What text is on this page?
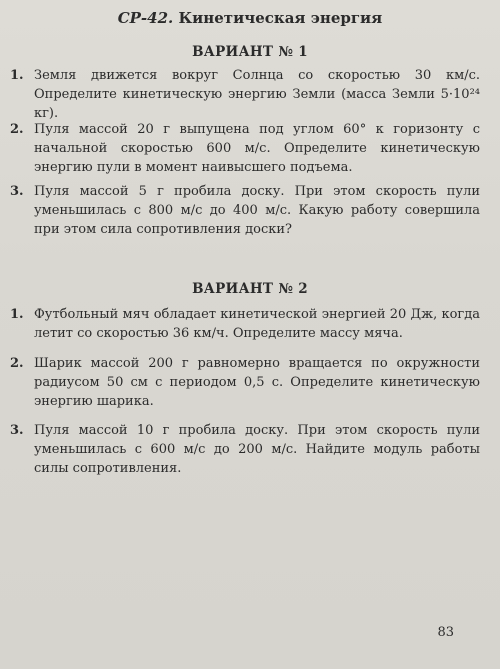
СР-42. Кинетическая энергия
ВАРИАНТ № 1
1. Земля движется вокруг Солнца со скоростью 30 км/с. Определите кинетическую энергию Земли (масса Земли 5·10²⁴ кг).
2. Пуля массой 20 г выпущена под углом 60° к горизонту с начальной скоростью 600 м/с. Определите кинетическую энергию пули в момент наивысшего подъема.
3. Пуля массой 5 г пробила доску. При этом скорость пули уменьшилась с 800 м/с до 400 м/с. Какую работу совершила при этом сила сопротивления доски?
ВАРИАНТ № 2
1. Футбольный мяч обладает кинетической энергией 20 Дж, когда летит со скоростью 36 км/ч. Определите массу мяча.
2. Шарик массой 200 г равномерно вращается по окружности радиусом 50 см с периодом 0,5 с. Определите кинетическую энергию шарика.
3. Пуля массой 10 г пробила доску. При этом скорость пули уменьшилась с 600 м/с до 200 м/с. Найдите модуль работы силы сопротивления.
83
